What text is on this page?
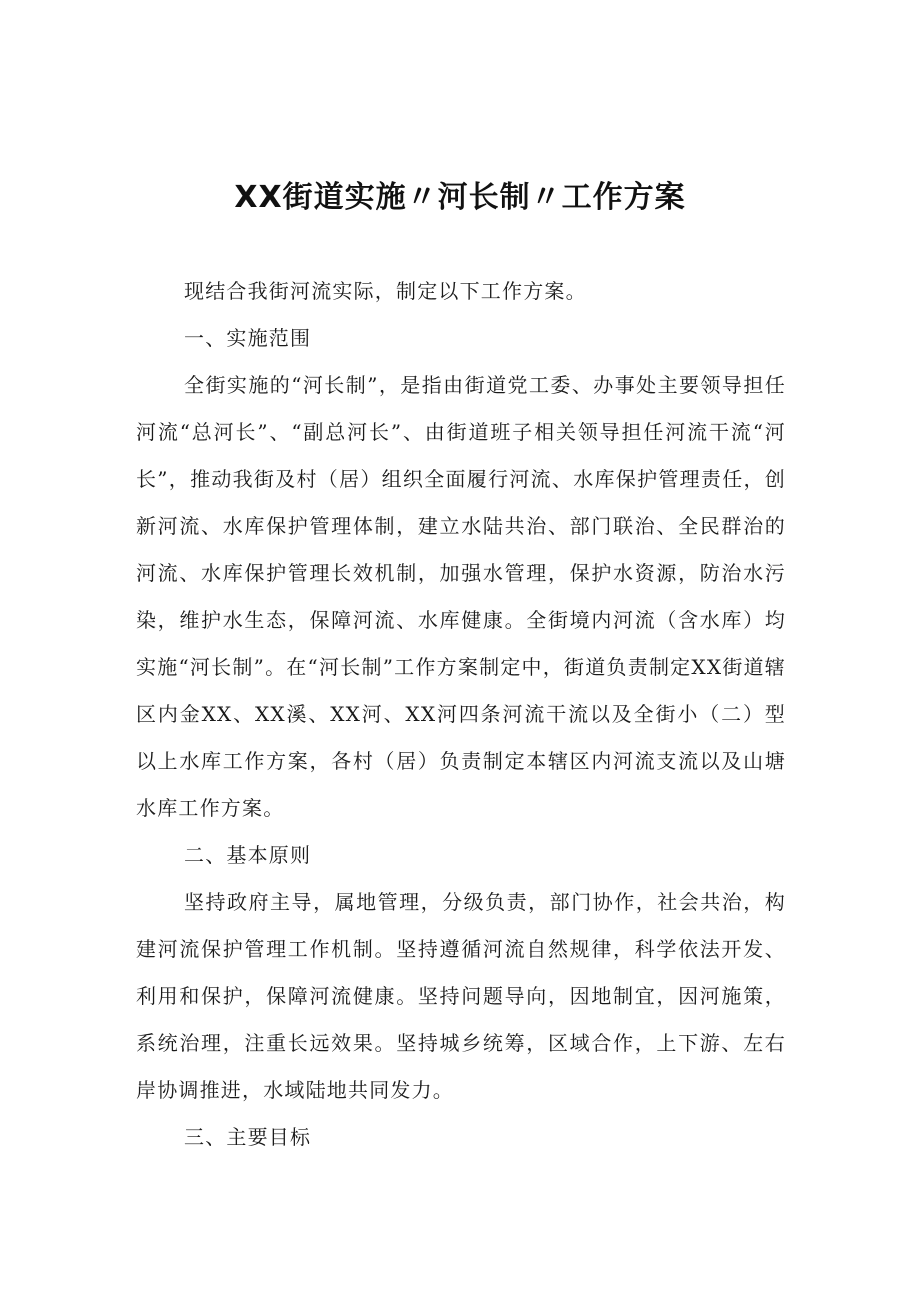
XX街道实施〃河长制〃工作方案

现结合我街河流实际，制定以下工作方案。

一、实施范围

全街实施的“河长制”，是指由街道党工委、办事处主要领导担任河流“总河长”、“副总河长”、由街道班子相关领导担任河流干流“河长”，推动我街及村（居）组织全面履行河流、水库保护管理责任，创新河流、水库保护管理体制，建立水陆共治、部门联治、全民群治的河流、水库保护管理长效机制，加强水管理，保护水资源，防治水污染，维护水生态，保障河流、水库健康。全街境内河流（含水库）均实施“河长制”。在“河长制”工作方案制定中，街道负责制定XX街道辖区内金XX、XX溪、XX河、XX河四条河流干流以及全街小（二）型以上水库工作方案，各村（居）负责制定本辖区内河流支流以及山塘水库工作方案。

二、基本原则

坚持政府主导，属地管理，分级负责，部门协作，社会共治，构建河流保护管理工作机制。坚持遵循河流自然规律，科学依法开发、利用和保护，保障河流健康。坚持问题导向，因地制宜，因河施策，系统治理，注重长远效果。坚持城乡统筹，区域合作，上下游、左右岸协调推进，水域陆地共同发力。

三、主要目标
